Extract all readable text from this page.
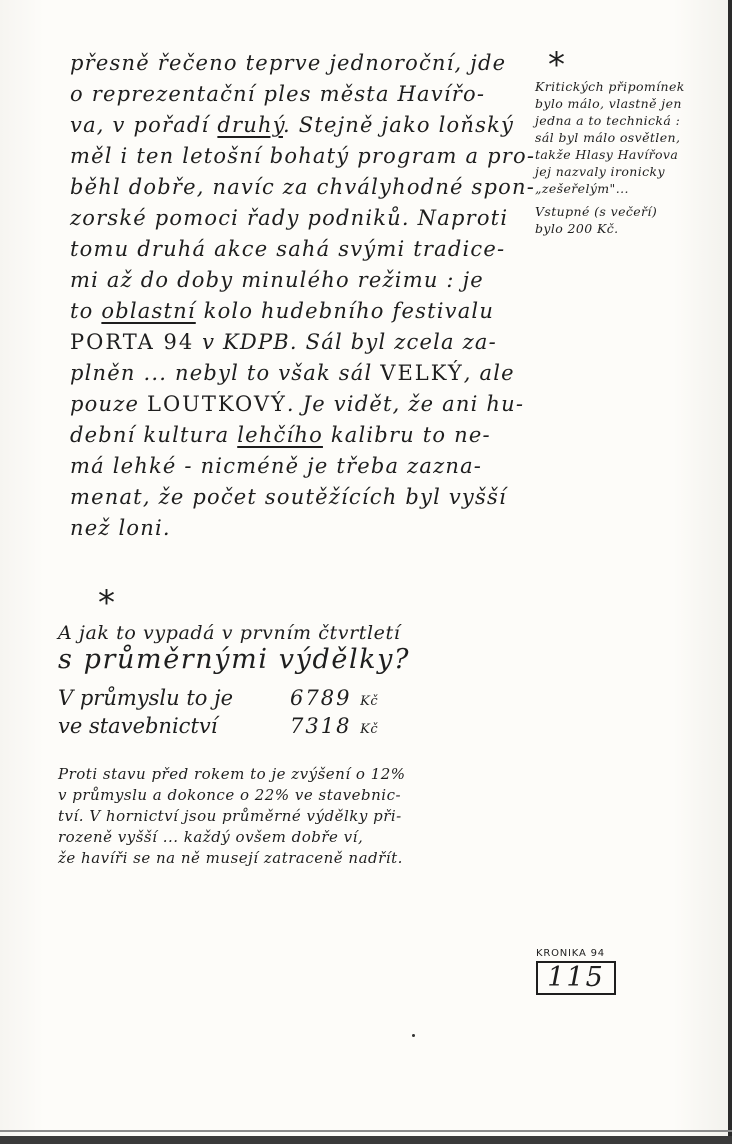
přesně řečeno teprve jednoroční, jde
o reprezentační ples města Havířo-
va, v pořadí druhý. Stejně jako loňský
měl i ten letošní bohatý program a pro-
běhl dobře, navíc za chvályhodné spon-
zorské pomoci řady podniků. Naproti
tomu druhá akce sahá svými tradice-
mi až do doby minulého režimu : je
to oblastní kolo hudebního festivalu
PORTA 94 v KDPB. Sál byl zcela za-
plněn ... nebyl to však sál VELKÝ, ale
pouze LOUTKOVÝ. Je vidět, že ani hu-
dební kultura lehčího kalibru to ne-
má lehké - nicméně je třeba zazna-
menat, že počet soutěžících byl vyšší
než loni.
*
Kritických připomínek
bylo málo, vlastně jen
jedna a to technická :
sál byl málo osvětlen,
takže Hlasy Havířova
jej nazvaly ironicky
„zešeřelým"...
Vstupné (s večeří)
bylo 200 Kč.
*
A jak to vypadá v prvním čtvrtletí
s průměrnými výdělky?
V průmyslu to je	6789 Kč
ve stavebnictví	7318 Kč
Proti stavu před rokem to je zvýšení o 12%
v průmyslu a dokonce o 22% ve stavebnic-
tví. V hornictví jsou průměrné výdělky při-
rozeně vyšší ... každý ovšem dobře ví,
že havíři se na ně musejí zatraceně nadřít.
KRONIKA 94
115
